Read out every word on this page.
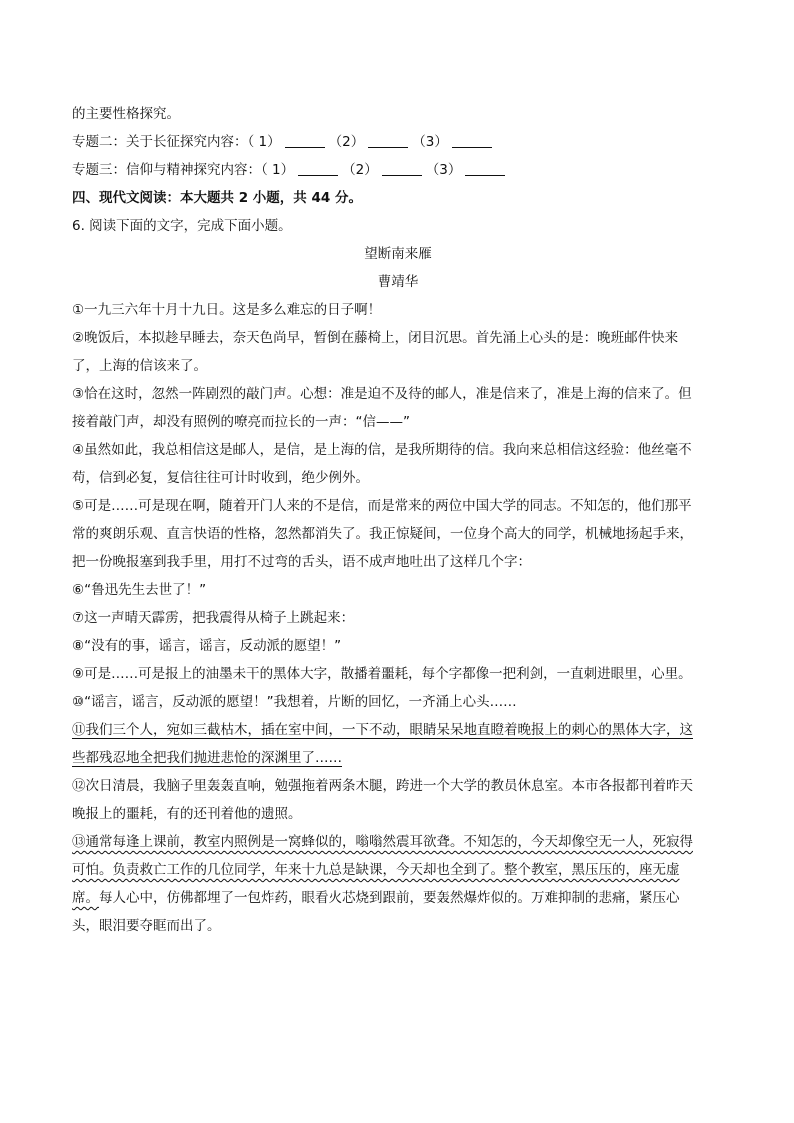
的主要性格探究。
专题二：关于长征探究内容：（ 1）	（2）	（3）
专题三：信仰与精神探究内容：（ 1）	（2）	（3）
四、现代文阅读：本大题共 2 小题，共 44 分。
6. 阅读下面的文字，完成下面小题。
望断南来雁
曹靖华
①一九三六年十月十九日。这是多么难忘的日子啊！
②晚饭后，本拟趁早睡去，奈天色尚早，暂倒在藤椅上，闭目沉思。首先涌上心头的是：晚班邮件快来
了，上海的信该来了。
③恰在这时，忽然一阵剧烈的敲门声。心想：准是迫不及待的邮人，准是信来了，准是上海的信来了。但
接着敲门声，却没有照例的嘹亮而拉长的一声：“信——”
④虽然如此，我总相信这是邮人，是信，是上海的信，是我所期待的信。我向来总相信这经验：他丝毫不
苟，信到必复，复信往往可计时收到，绝少例外。
⑤可是……可是现在啊，随着开门人来的不是信，而是常来的两位中国大学的同志。不知怎的，他们那平
常的爽朗乐观、直言快语的性格，忽然都消失了。我正惊疑间，一位身个高大的同学，机械地扬起手来，
把一份晚报塞到我手里，用打不过弯的舌头，语不成声地吐出了这样几个字：
⑥“鲁迅先生去世了！”
⑦这一声晴天霹雳，把我震得从椅子上跳起来：
⑧“没有的事，谣言，谣言，反动派的愿望！”
⑨可是……可是报上的油墨未干的黑体大字，散播着噩耗，每个字都像一把利剑，一直刺进眼里，心里。
⑩“谣言，谣言，反动派的愿望！”我想着，片断的回忆，一齐涌上心头……
⑪我们三个人，宛如三截枯木，插在室中间，一下不动，眼睛呆呆地直瞪着晚报上的刺心的黑体大字，这
些都残忍地全把我们抛进悲怆的深渊里了……
⑫次日清晨，我脑子里轰轰直响，勉强拖着两条木腿，跨进一个大学的教员休息室。本市各报都刊着昨天
晚报上的噩耗，有的还刊着他的遗照。
⑬通常每逢上课前，教室内照例是一窝蜂似的，嗡嗡然震耳欲聋。不知怎的，今天却像空无一人，死寂得
可怕。负责救亡工作的几位同学，年来十九总是缺课，今天却也全到了。整个教室，黑压压的，座无虚
席。每人心中，仿佛都埋了一包炸药，眼看火芯烧到跟前，要轰然爆炸似的。万难抑制的悲痛，紧压心
头，眼泪要夺眶而出了。
